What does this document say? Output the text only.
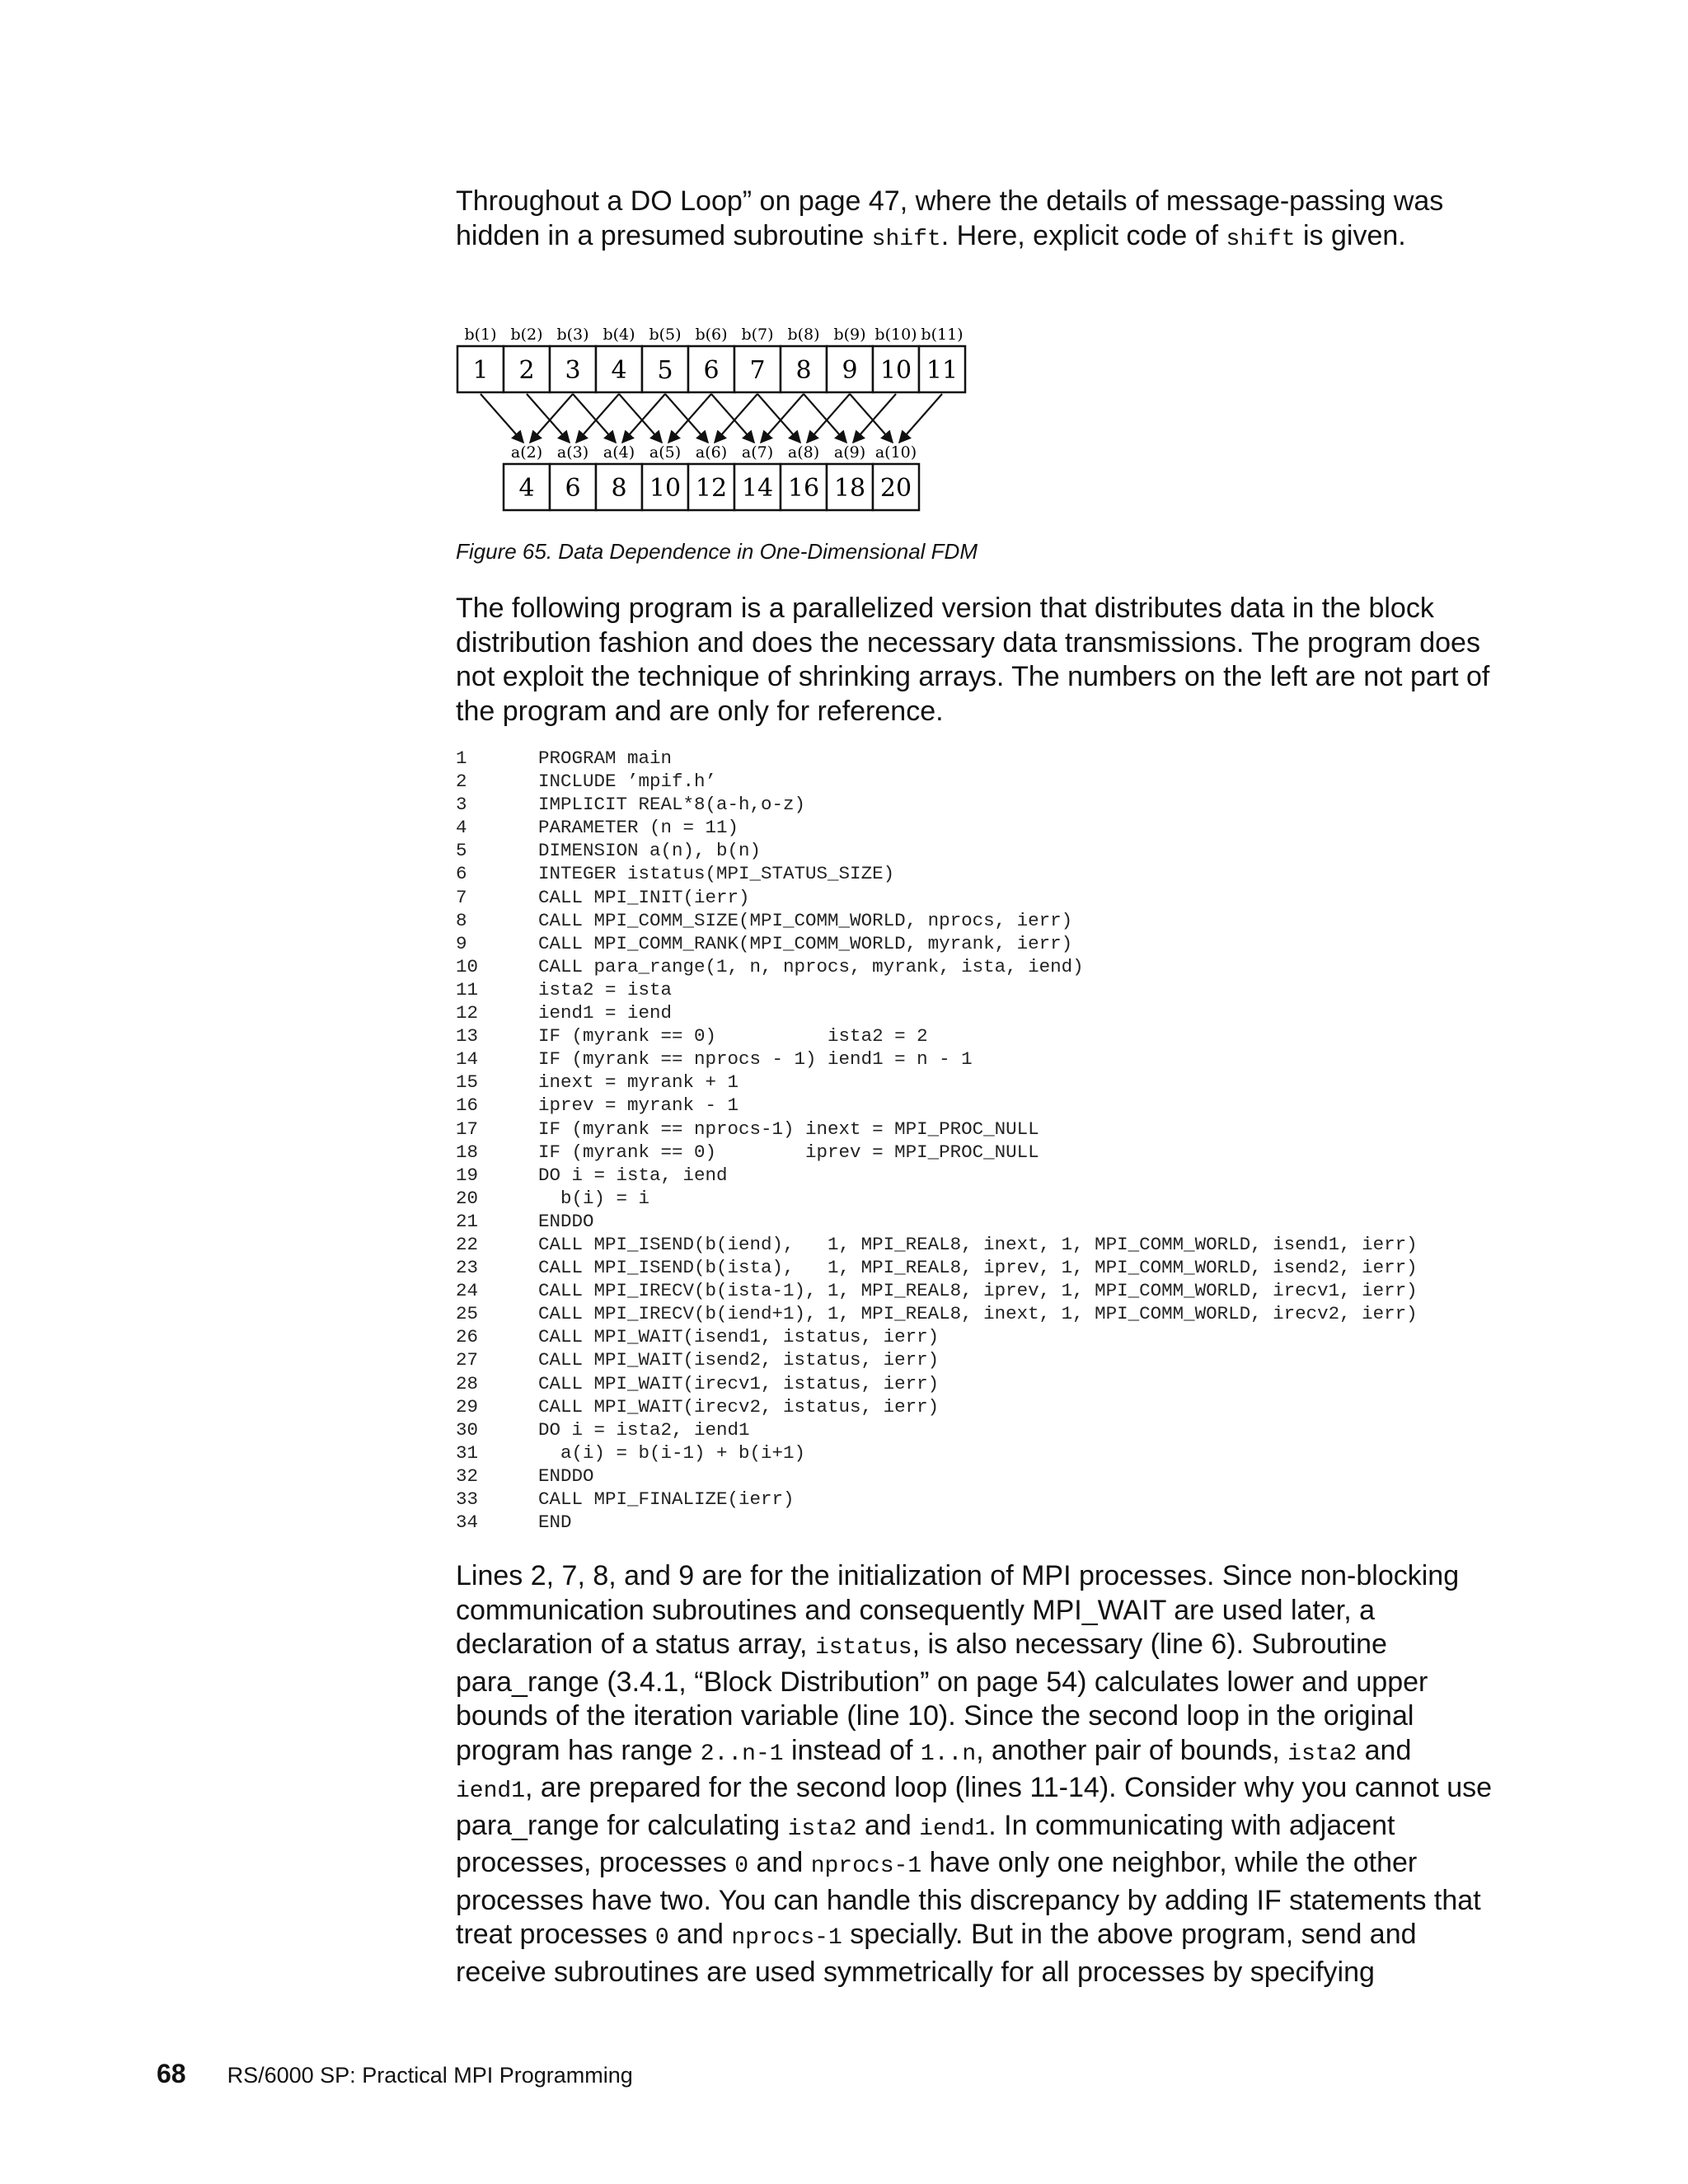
Throughout a DO Loop” on page 47, where the details of message-passing was hidden in a presumed subroutine shift. Here, explicit code of shift is given.

b(1) b(2) b(3) b(4) b(5) b(6) b(7) b(8) b(9) b(10) b(11)
1 2 3 4 5 6 7 8 9 10 11
a(2) a(3) a(4) a(5) a(6) a(7) a(8) a(9) a(10)
4 6 8 10 12 14 16 18 20

Figure 65. Data Dependence in One-Dimensional FDM

The following program is a parallelized version that distributes data in the block distribution fashion and does the necessary data transmissions. The program does not exploit the technique of shrinking arrays. The numbers on the left are not part of the program and are only for reference.

1	PROGRAM main
2	INCLUDE ’mpif.h’
3	IMPLICIT REAL*8(a-h,o-z)
4	PARAMETER (n = 11)
5	DIMENSION a(n), b(n)
6	INTEGER istatus(MPI_STATUS_SIZE)
7	CALL MPI_INIT(ierr)
8	CALL MPI_COMM_SIZE(MPI_COMM_WORLD, nprocs, ierr)
9	CALL MPI_COMM_RANK(MPI_COMM_WORLD, myrank, ierr)
10	CALL para_range(1, n, nprocs, myrank, ista, iend)
11	ista2 = ista
12	iend1 = iend
13	IF (myrank == 0)          ista2 = 2
14	IF (myrank == nprocs - 1) iend1 = n - 1
15	inext = myrank + 1
16	iprev = myrank - 1
17	IF (myrank == nprocs-1) inext = MPI_PROC_NULL
18	IF (myrank == 0)        iprev = MPI_PROC_NULL
19	DO i = ista, iend
20	b(i) = i
21	ENDDO
22	CALL MPI_ISEND(b(iend),   1, MPI_REAL8, inext, 1, MPI_COMM_WORLD, isend1, ierr)
23	CALL MPI_ISEND(b(ista),   1, MPI_REAL8, iprev, 1, MPI_COMM_WORLD, isend2, ierr)
24	CALL MPI_IRECV(b(ista-1), 1, MPI_REAL8, iprev, 1, MPI_COMM_WORLD, irecv1, ierr)
25	CALL MPI_IRECV(b(iend+1), 1, MPI_REAL8, inext, 1, MPI_COMM_WORLD, irecv2, ierr)
26	CALL MPI_WAIT(isend1, istatus, ierr)
27	CALL MPI_WAIT(isend2, istatus, ierr)
28	CALL MPI_WAIT(irecv1, istatus, ierr)
29	CALL MPI_WAIT(irecv2, istatus, ierr)
30	DO i = ista2, iend1
31	a(i) = b(i-1) + b(i+1)
32	ENDDO
33	CALL MPI_FINALIZE(ierr)
34	END

Lines 2, 7, 8, and 9 are for the initialization of MPI processes. Since non-blocking communication subroutines and consequently MPI_WAIT are used later, a declaration of a status array, istatus, is also necessary (line 6). Subroutine para_range (3.4.1, “Block Distribution” on page 54) calculates lower and upper bounds of the iteration variable (line 10). Since the second loop in the original program has range 2..n-1 instead of 1..n, another pair of bounds, ista2 and iend1, are prepared for the second loop (lines 11-14). Consider why you cannot use para_range for calculating ista2 and iend1. In communicating with adjacent processes, processes 0 and nprocs-1 have only one neighbor, while the other processes have two. You can handle this discrepancy by adding IF statements that treat processes 0 and nprocs-1 specially. But in the above program, send and receive subroutines are used symmetrically for all processes by specifying

68 RS/6000 SP: Practical MPI Programming
